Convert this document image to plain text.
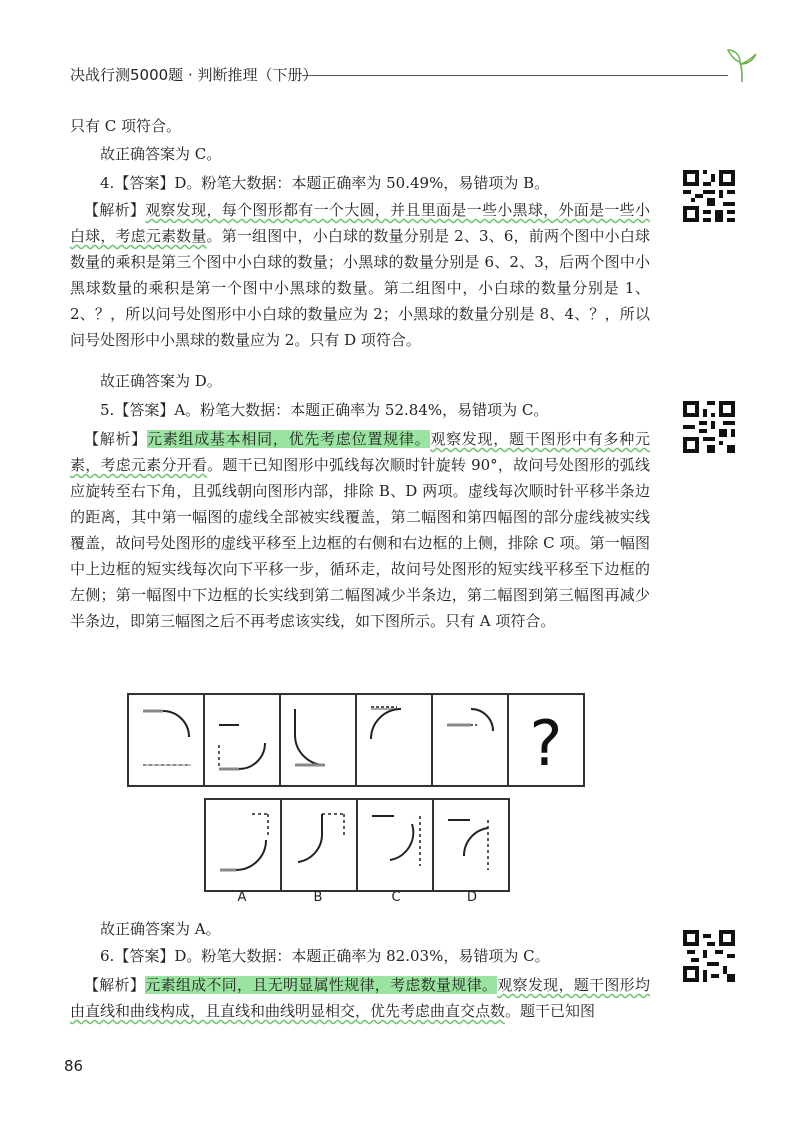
决战行测5000题 · 判断推理（下册）

只有 C 项符合。

故正确答案为 C。

4.【答案】D。粉笔大数据：本题正确率为 50.49%，易错项为 B。

【解析】观察发现，每个图形都有一个大圆，并且里面是一些小黑球，外面是一些小白球，考虑元素数量。第一组图中，小白球的数量分别是 2、3、6，前两个图中小白球数量的乘积是第三个图中小白球的数量；小黑球的数量分别是 6、2、3，后两个图中小黑球数量的乘积是第一个图中小黑球的数量。第二组图中，小白球的数量分别是 1、2、？，所以问号处图形中小白球的数量应为 2；小黑球的数量分别是 8、4、？，所以问号处图形中小黑球的数量应为 2。只有 D 项符合。

故正确答案为 D。

5.【答案】A。粉笔大数据：本题正确率为 52.84%，易错项为 C。

【解析】元素组成基本相同，优先考虑位置规律。观察发现，题干图形中有多种元素，考虑元素分开看。题干已知图形中弧线每次顺时针旋转 90°，故问号处图形的弧线应旋转至右下角，且弧线朝向图形内部，排除 B、D 两项。虚线每次顺时针平移半条边的距离，其中第一幅图的虚线全部被实线覆盖，第二幅图和第四幅图的部分虚线被实线覆盖，故问号处图形的虚线平移至上边框的右侧和右边框的上侧，排除 C 项。第一幅图中上边框的短实线每次向下平移一步，循环走，故问号处图形的短实线平移至下边框的左侧；第一幅图中下边框的长实线到第二幅图减少半条边，第二幅图到第三幅图再减少半条边，即第三幅图之后不再考虑该实线，如下图所示。只有 A 项符合。

?
A	B	C	D

故正确答案为 A。

6.【答案】D。粉笔大数据：本题正确率为 82.03%，易错项为 C。

【解析】元素组成不同，且无明显属性规律，考虑数量规律。观察发现，题干图形均由直线和曲线构成，且直线和曲线明显相交，优先考虑曲直交点数。题干已知图

86
